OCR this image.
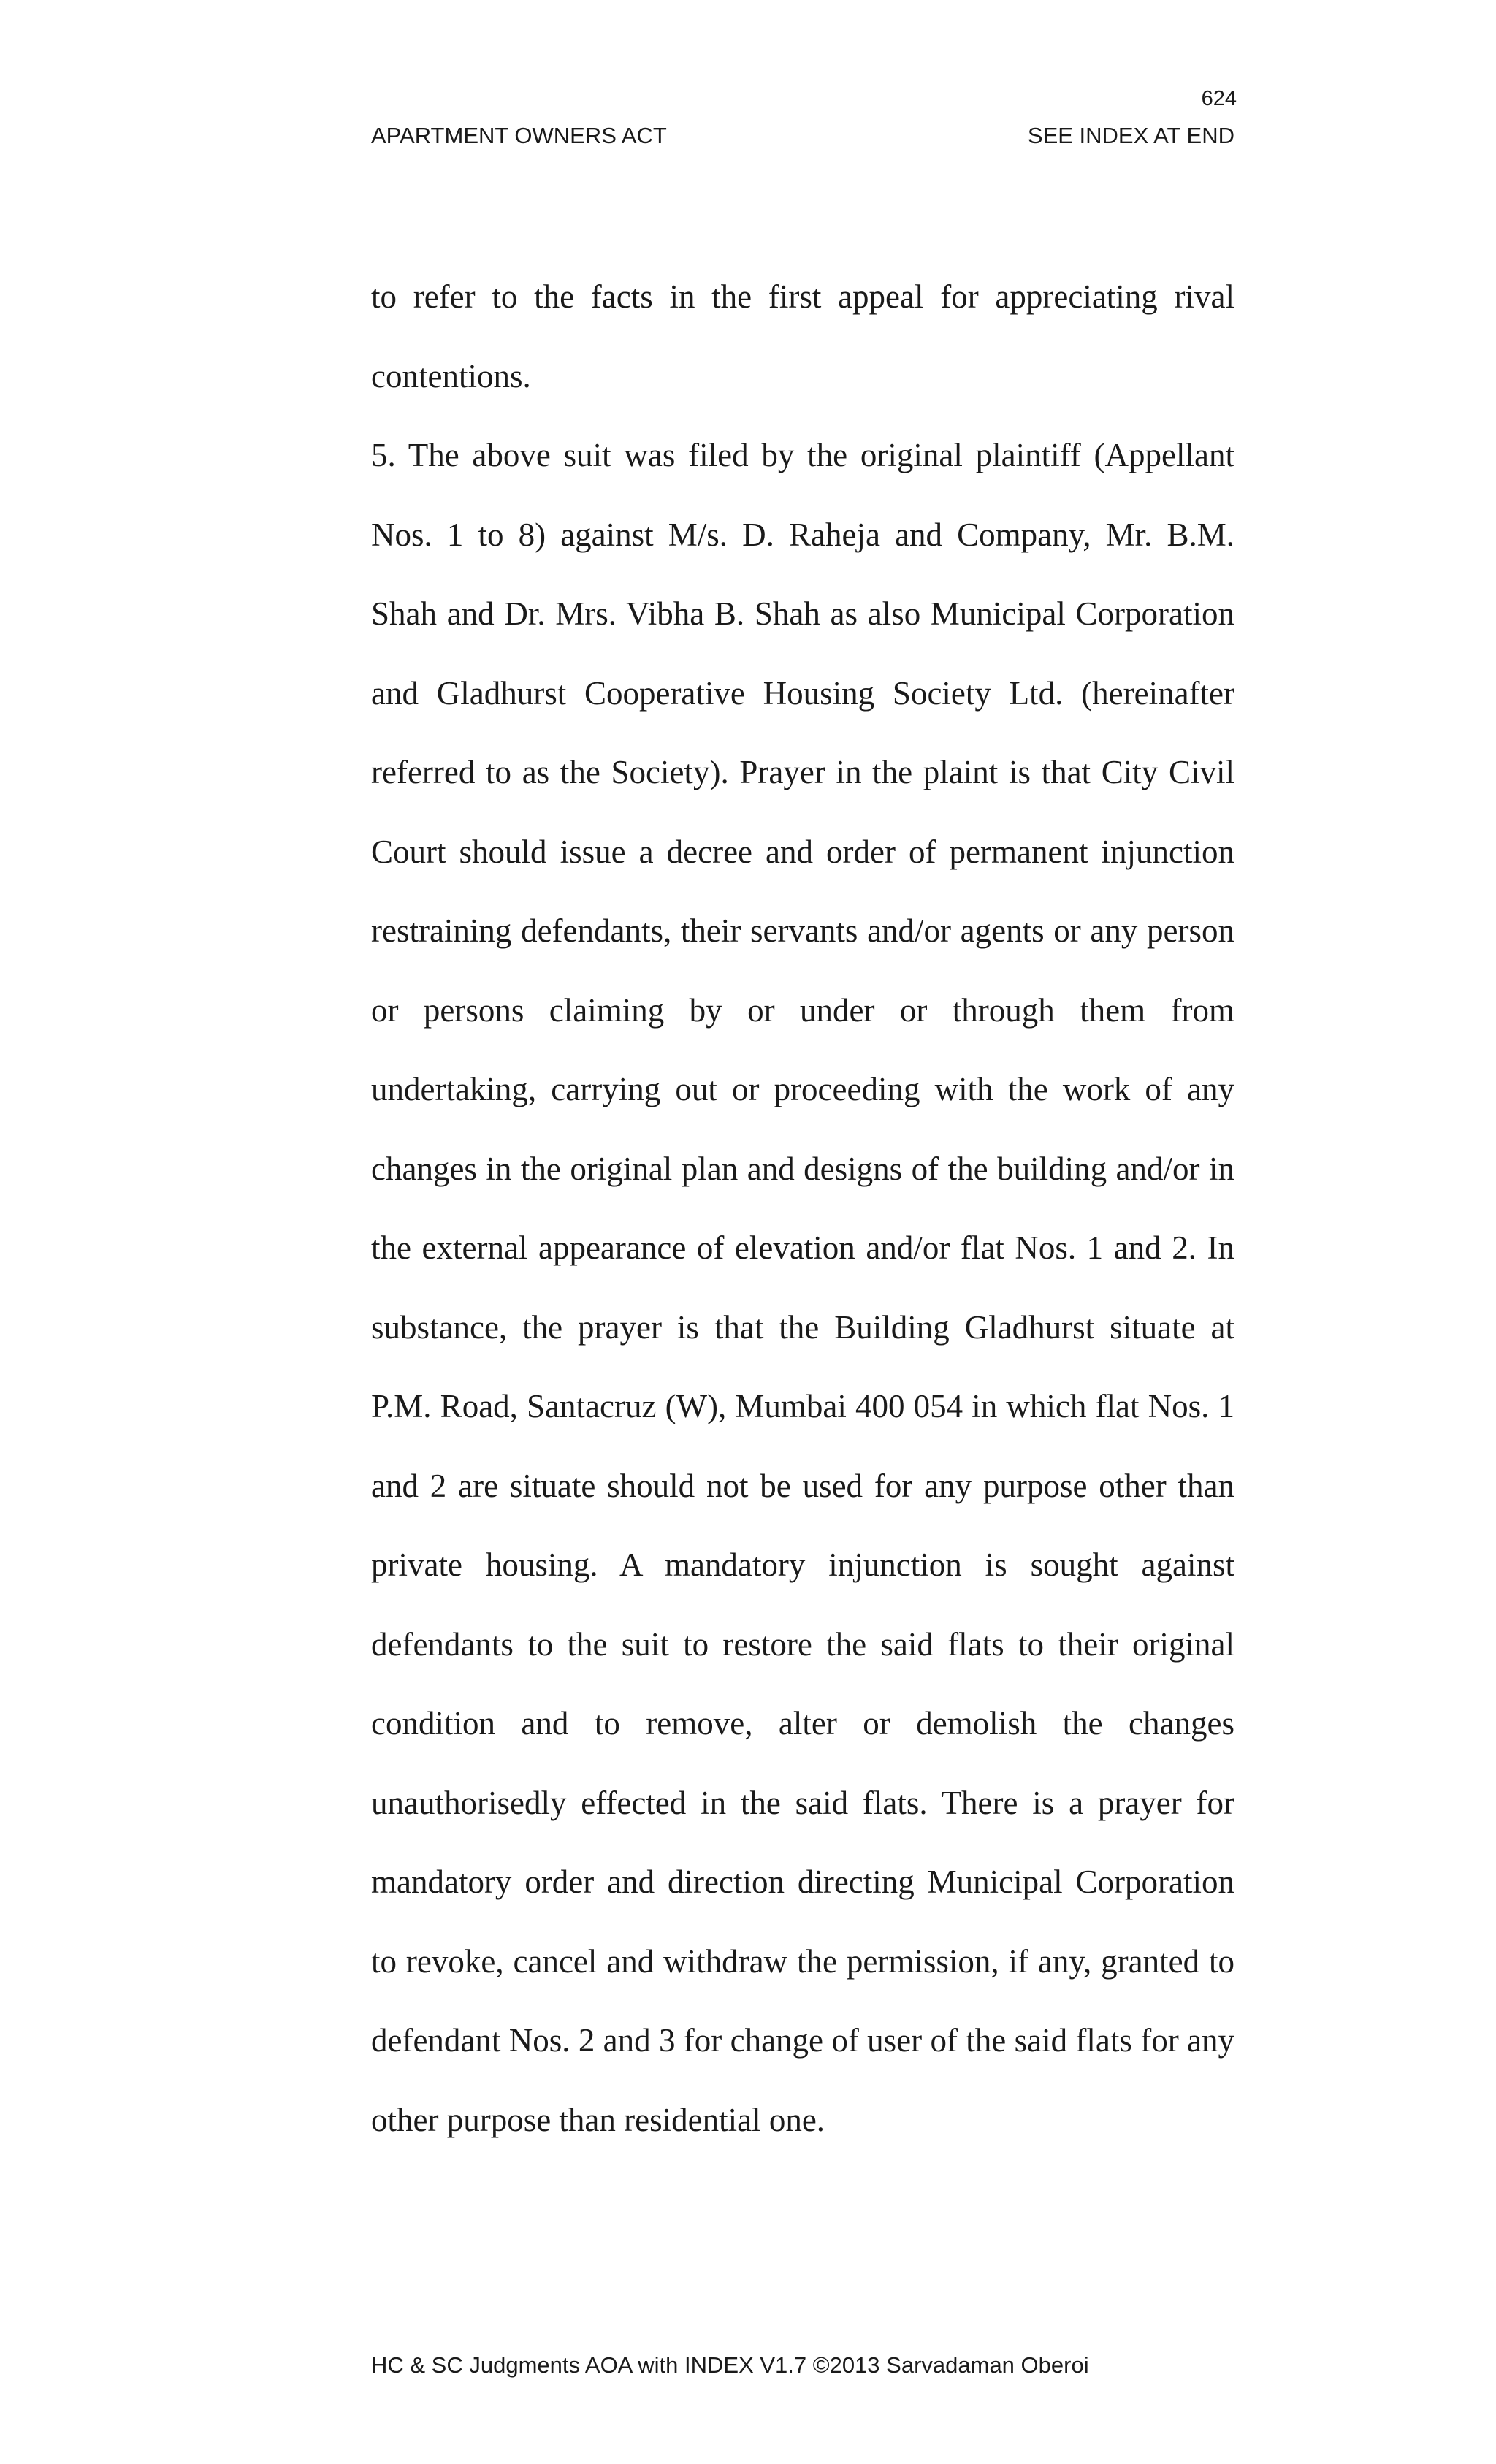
624
APARTMENT OWNERS ACT	SEE INDEX AT END

to refer to the facts in the first appeal for appreciating rival contentions.

5. The above suit was filed by the original plaintiff (Appellant Nos. 1 to 8) against M/s. D. Raheja and Company, Mr. B.M. Shah and Dr. Mrs. Vibha B. Shah as also Municipal Corporation and Gladhurst Cooperative Housing Society Ltd. (hereinafter referred to as the Society). Prayer in the plaint is that City Civil Court should issue a decree and order of permanent injunction restraining defendants, their servants and/or agents or any person or persons claiming by or under or through them from undertaking, carrying out or proceeding with the work of any changes in the original plan and designs of the building and/or in the external appearance of elevation and/or flat Nos. 1 and 2. In substance, the prayer is that the Building Gladhurst situate at P.M. Road, Santacruz (W), Mumbai 400 054 in which flat Nos. 1 and 2 are situate should not be used for any purpose other than private housing. A mandatory injunction is sought against defendants to the suit to restore the said flats to their original condition and to remove, alter or demolish the changes unauthorisedly effected in the said flats. There is a prayer for mandatory order and direction directing Municipal Corporation to revoke, cancel and withdraw the permission, if any, granted to defendant Nos. 2 and 3 for change of user of the said flats for any other purpose than residential one.

HC & SC Judgments AOA with INDEX V1.7 ©2013 Sarvadaman Oberoi
